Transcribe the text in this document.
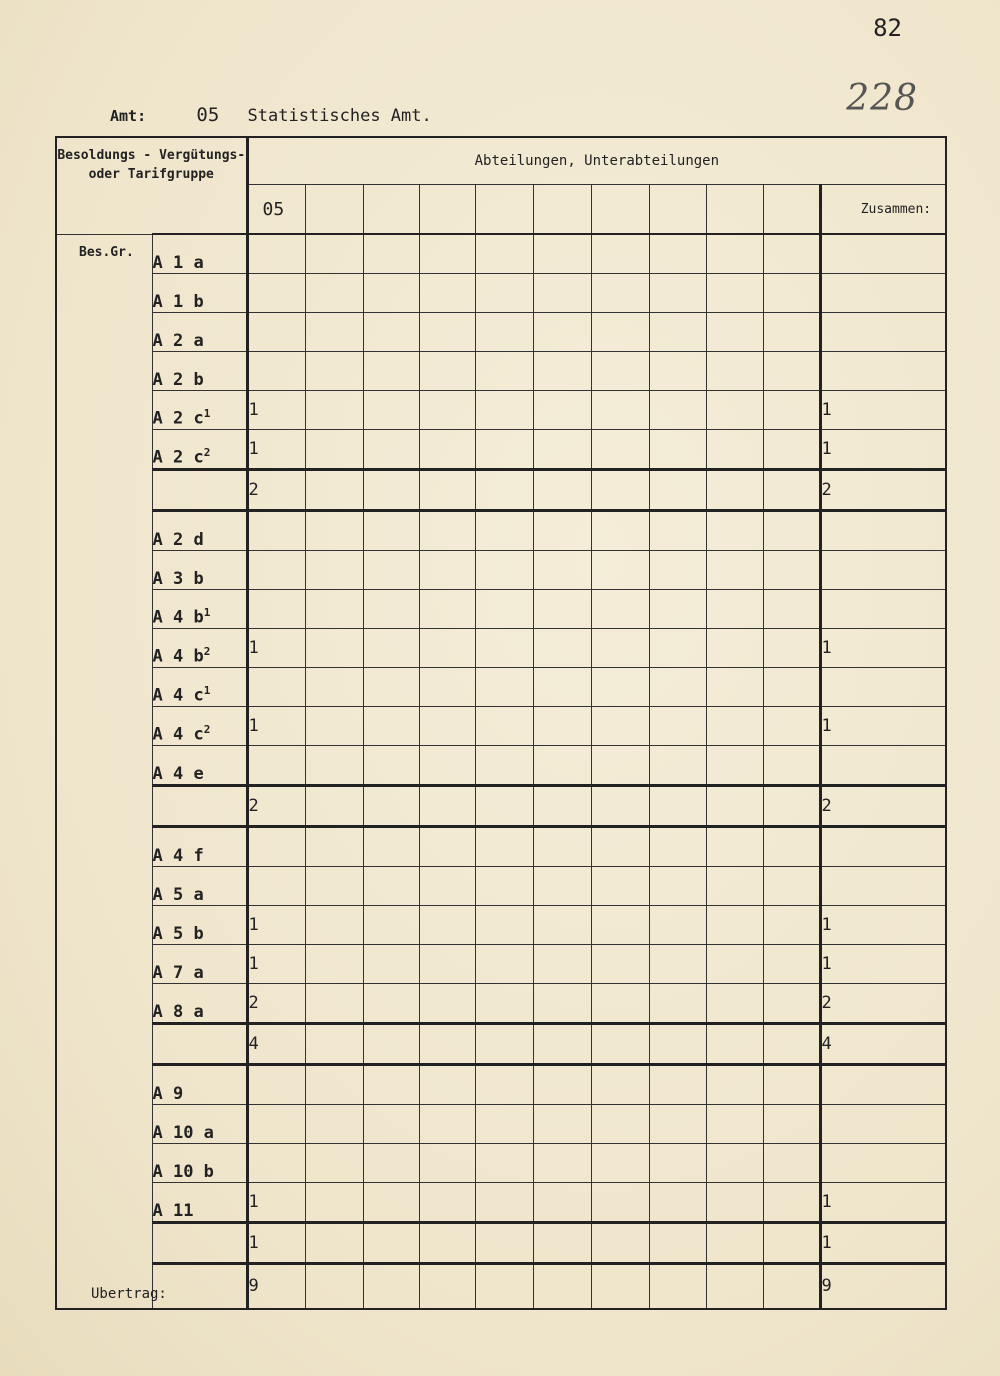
82
228
Amt:	05 Statistisches Amt.
Besoldungs - Vergütungs-oder Tarifgruppe		Abteilungen, Unterabteilungen										
		05										Zusammen:

Bes.Gr.	A 1 a											
	A 1 b											
	A 2 a											
	A 2 b											
	A 2 $c^1$	1										1
	A 2 $c^2$	1										1
		2										2
	A 2 d											
	A 3 b											
	A 4 $b^1$											
	A 4 $b^2$	1										1
	A 4 $c^1$											
	A 4 $c^2$	1										1
	A 4 e											
		2										2
	A 4 f											
	A 5 a											
	A 5 b	1										1
	A 7 a	1										1
	A 8 a	2										2
		4										4
	A 9											
	A 10 a											
	A 10 b											
	A 11	1										1
		1										1
Ubertrag:		9										9
